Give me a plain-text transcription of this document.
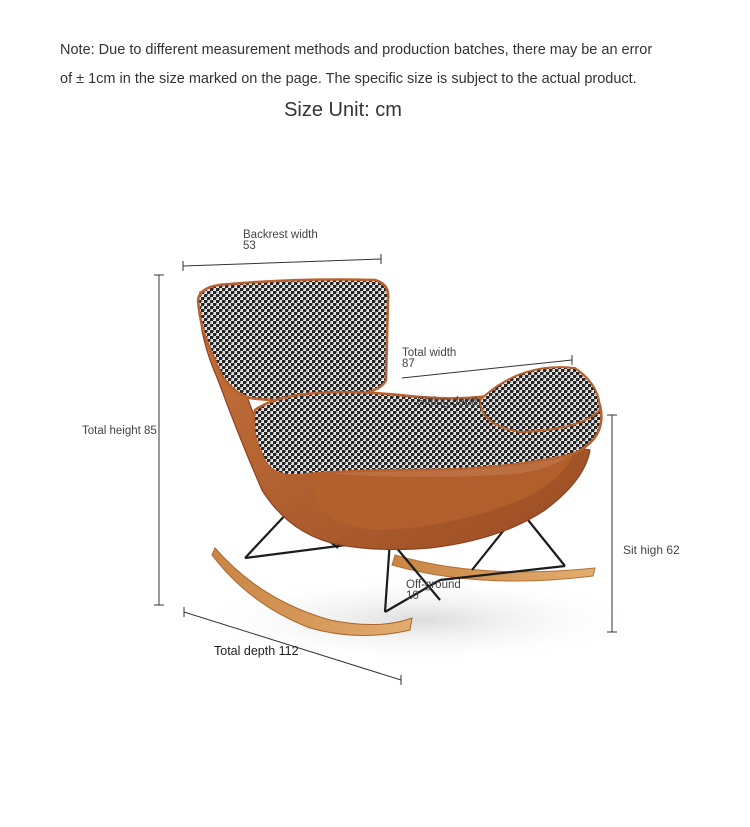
Note: Due to different measurement methods and production batches, there may be an error
of ± 1cm in the size marked on the page. The specific size is subject to the actual product.
Size Unit: cm
Backrest width
53
Total width
87
Sitting depth
Total height 85
Sit high 62
Off-ground
10
Total depth 112
